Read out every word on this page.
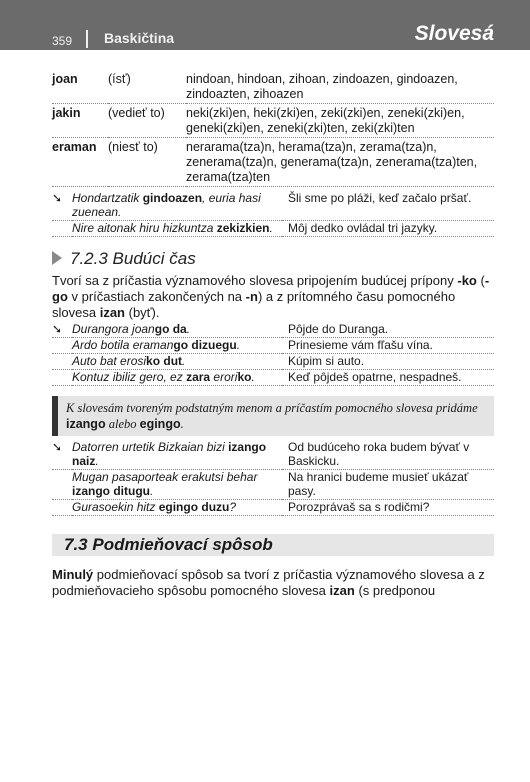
359 Baskičtina	Slovesá
joan	(ísť)	nindoan, hindoan, zihoan, zindoazen, gindoazen, zindoazten, zihoazen
jakin	(vedieť to)	neki(zki)en, heki(zki)en, zeki(zki)en, zeneki(zki)en, geneki(zki)en, zeneki(zki)ten, zeki(zki)ten
eraman	(niesť to)	nerarama(tza)n, herama(tza)n, zerama(tza)n, zenerama(tza)n, generama(tza)n, zenerama(tza)ten, zerama(tza)ten
➘	Hondartzatik gindoazen, euria hasi zuenean.	Šli sme po pláži, keď začalo pršať.
	Nire aitonak hiru hizkuntza zekizkien.	Môj dedko ovládal tri jazyky.
7.2.3 Budúci čas

Tvorí sa z príčastia významového slovesa pripojením budúcej prípony -ko (-go v príčastiach zakončených na -n) a z prítomného času pomocného slovesa izan (byť).

➘	Durangora joango da.	Pôjde do Duranga.
	Ardo botila eramango dizuegu.	Prinesieme vám fľašu vína.
	Auto bat erosiko dut.	Kúpim si auto.
	Kontuz ibiliz gero, ez zara eroriko.	Keď pôjdeš opatrne, nespadneš.
K slovesám tvoreným podstatným menom a príčastím pomocného slovesa pridáme izango alebo egingo.
➘	Datorren urtetik Bizkaian bizi izango naiz.	Od budúceho roka budem bývať v Baskicku.
	Mugan pasaporteak erakutsi behar izango ditugu.	Na hranici budeme musieť ukázať pasy.
	Gurasoekin hitz egingo duzu?	Porozprávaš sa s rodičmi?
7.3 Podmieňovací spôsob

Minulý podmieňovací spôsob sa tvorí z príčastia významového slovesa a z podmieňovacieho spôsobu pomocného slovesa izan (s predponou
